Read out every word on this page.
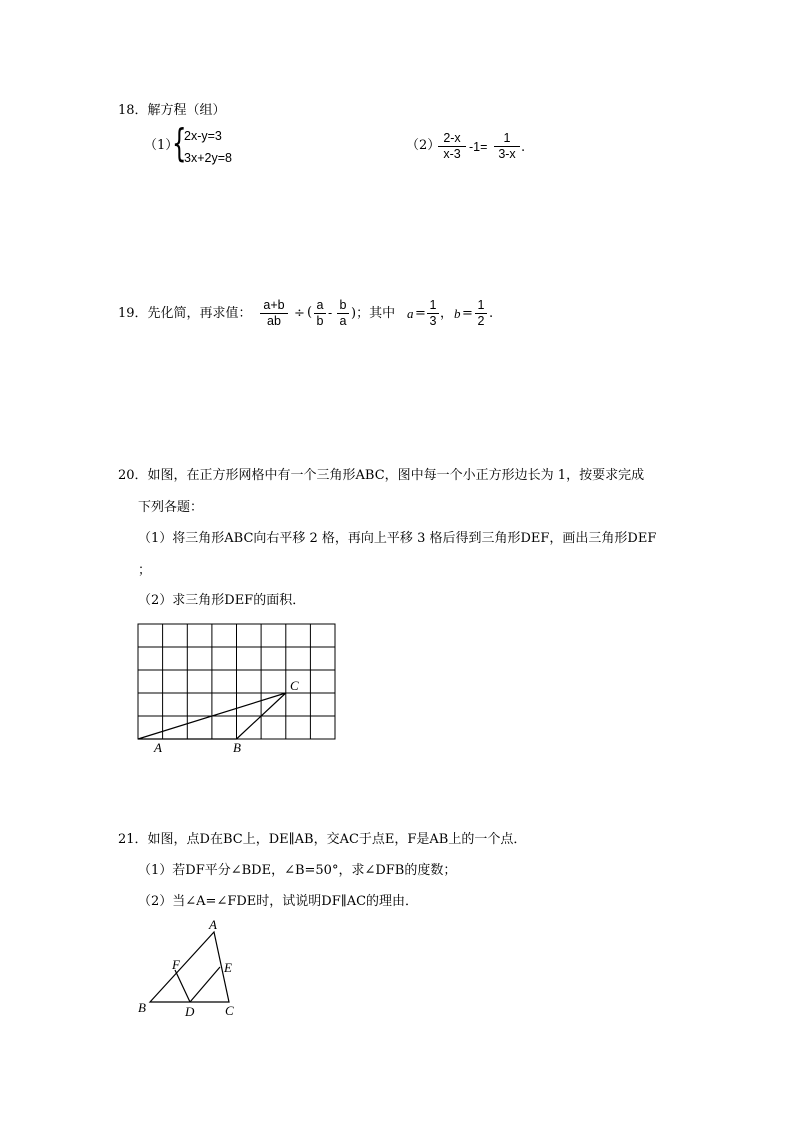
18．解方程（组）
（1）
{
2x-y=3
3x+2y=8
（2） 2-x
x-3 -1=
1
3-x .
19．先化简，再求值：
a+b
ab	÷ ( a
b
-
b
a )；其中 a =
1
3 ， b =
1
2 .
20．如图，在正方形网格中有一个三角形ABC，图中每一个小正方形边长为 1，按要求完成
下列各题：
（1）将三角形ABC向右平移 2 格，再向上平移 3 格后得到三角形DEF，画出三角形DEF
；
（2）求三角形DEF的面积．
A	B
C
21．如图，点D在BC上，DE∥AB，交AC于点E，F是AB上的一个点．
（1）若DF平分∠BDE，∠B=50°，求∠DFB的度数；
（2）当∠A=∠FDE时，试说明DF∥AC的理由．
A
B	C
D
E
F
